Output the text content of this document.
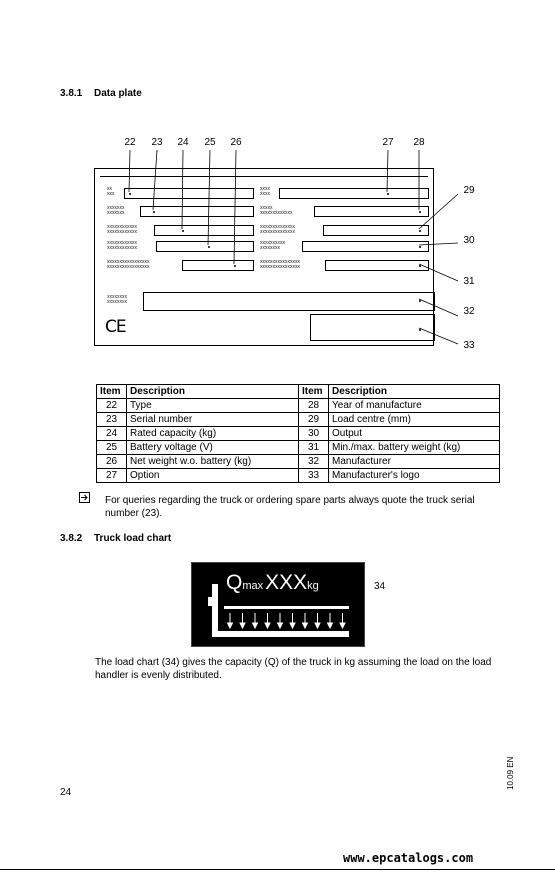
3.8.1 Data plate
22	23	24	25	26	27	28
29
30
31
32
33
xx
xxx
xxxxxxx
xxxxxxx
xxxxxxxxxxxx
xxxxxxxxxxxx
xxxxxxxxxxxx
xxxxxxxxxxxx
xxxxxxxxxxxxxxxxx
xxxxxxxxxxxxxxxxx
xxxx
xxxx
xxxxx
xxxxxxxxxxxxx
xxxxxxxxxxxxxx
xxxxxxxxxxxxxx
xxxxxxxxxx
xxxxxxxx
xxxxxxxxxxxxxxxx
xxxxxxxxxxxxxxxx
xxxxxxxx
xxxxxxxx
CE
Item	Description	Item	Description
22	Type	28	Year of manufacture
23	Serial number	29	Load centre (mm)
24	Rated capacity (kg)	30	Output
25	Battery voltage (V)	31	Min./max. battery weight (kg)
26	Net weight w.o. battery (kg)	32	Manufacturer
27	Option	33	Manufacturer's logo
For queries regarding the truck or ordering spare parts always quote the truck serial number (23).
3.8.2 Truck load chart
QmaxXXXkg	34
The load chart (34) gives the capacity (Q) of the truck in kg assuming the load on the load handler is evenly distributed.
10.09 EN
24
www.epcatalogs.com
